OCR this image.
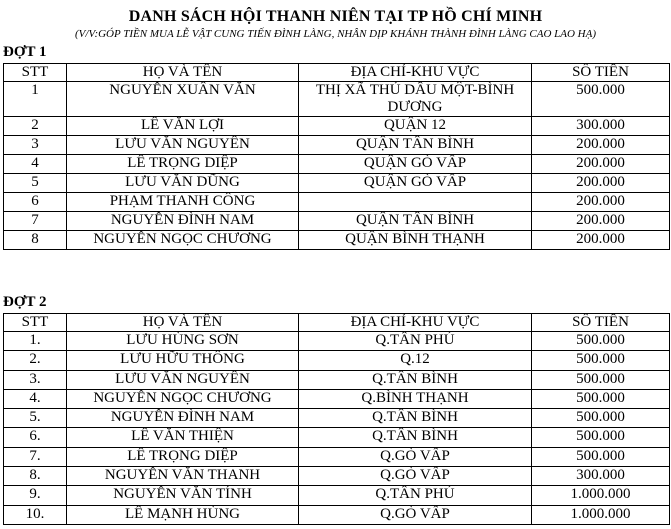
DANH SÁCH HỘI THANH NIÊN TẠI TP HỒ CHÍ MINH
(V/V:GÓP TIỀN MUA LỄ VẬT CUNG TIẾN ĐÌNH LÀNG, NHÂN DỊP KHÁNH THÀNH ĐÌNH LÀNG CAO LAO HẠ)
ĐỢT 1
STT	HỌ VÀ TÊN	ĐỊA CHỈ-KHU VỰC	SỐ TIỀN
1	NGUYỄN XUÂN VĂN	THỊ XÃ THỦ DẦU MỘT-BÌNH DƯƠNG	500.000
2	LÊ VĂN LỢI	QUẬN 12	300.000
3	LƯU VĂN NGUYÊN	QUẬN TÂN BÌNH	200.000
4	LÊ TRỌNG DIỆP	QUẬN GÒ VẤP	200.000
5	LƯU VĂN DŨNG	QUẬN GÒ VẤP	200.000
6	PHẠM THANH CÔNG		200.000
7	NGUYỄN ĐÌNH NAM	QUẬN TÂN BÌNH	200.000
8	NGUYỄN NGỌC CHƯƠNG	QUẬN BÌNH THẠNH	200.000
ĐỢT 2
STT	HỌ VÀ TÊN	ĐỊA CHỈ-KHU VỰC	SỐ TIỀN
1.	LƯU HÙNG SƠN	Q.TÂN PHÚ	500.000
2.	LƯU HỮU THÔNG	Q.12	500.000
3.	LƯU VĂN NGUYÊN	Q.TÂN BÌNH	500.000
4.	NGUYỄN NGỌC CHƯƠNG	Q.BÌNH THẠNH	500.000
5.	NGUYỄN ĐÌNH NAM	Q.TÂN BÌNH	500.000
6.	LÊ VĂN THIỆN	Q.TÂN BÌNH	500.000
7.	LÊ TRỌNG DIỆP	Q.GÒ VẤP	500.000
8.	NGUYỄN VĂN THANH	Q.GÒ VẤP	300.000
9.	NGUYỄN VĂN TÍNH	Q.TÂN PHÚ	1.000.000
10.	LÊ MẠNH HÙNG	Q.GÒ VẤP	1.000.000
